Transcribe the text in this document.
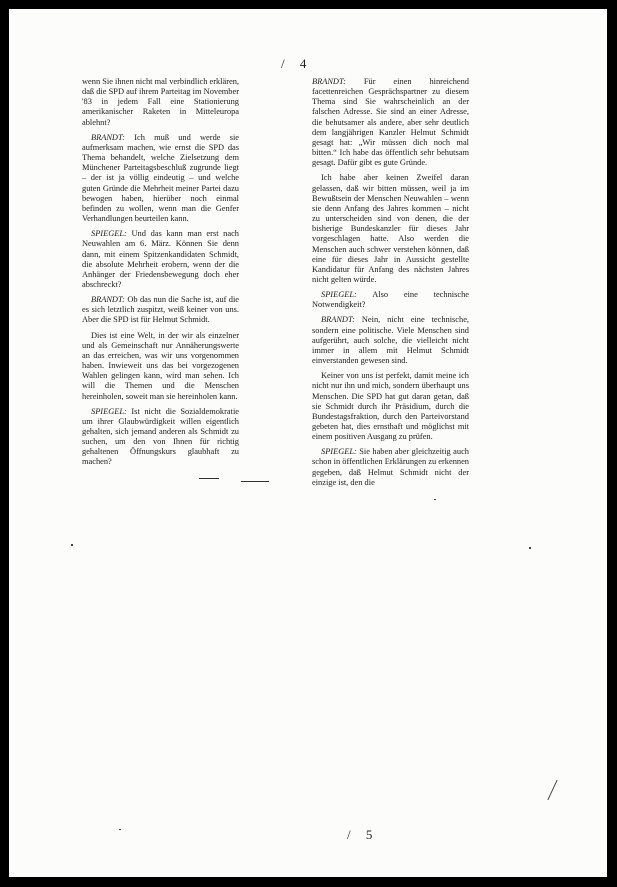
/ 4

wenn Sie ihnen nicht mal verbindlich erklären, daß die SPD auf ihrem Parteitag im November '83 in jedem Fall eine Stationierung amerikanischer Raketen in Mitteleuropa ablehnt?

BRANDT: Ich muß und werde sie aufmerksam machen, wie ernst die SPD das Thema behandelt, welche Zielsetzung dem Münchener Parteitagsbeschluß zugrunde liegt – der ist ja völlig eindeutig – und welche guten Gründe die Mehrheit meiner Partei dazu bewogen haben, hierüber noch einmal befinden zu wollen, wenn man die Genfer Verhandlungen beurteilen kann.

SPIEGEL: Und das kann man erst nach Neuwahlen am 6. März. Können Sie denn dann, mit einem Spitzenkandidaten Schmidt, die absolute Mehrheit erobern, wenn der die Anhänger der Friedensbewegung doch eher abschreckt?

BRANDT: Ob das nun die Sache ist, auf die es sich letztlich zuspitzt, weiß keiner von uns. Aber die SPD ist für Helmut Schmidt.

Dies ist eine Welt, in der wir als einzelner und als Gemeinschaft nur Annäherungswerte an das erreichen, was wir uns vorgenommen haben. Inwieweit uns das bei vorgezogenen Wahlen gelingen kann, wird man sehen. Ich will die Themen und die Menschen hereinholen, soweit man sie hereinholen kann.

SPIEGEL: Ist nicht die Sozialdemokratie um ihrer Glaubwürdigkeit willen eigentlich gehalten, sich jemand anderen als Schmidt zu suchen, um den von Ihnen für richtig gehaltenen Öffnungskurs glaubhaft zu machen?

BRANDT: Für einen hinreichend facettenreichen Gesprächspartner zu diesem Thema sind Sie wahrscheinlich an der falschen Adresse. Sie sind an einer Adresse, die behutsamer als andere, aber sehr deutlich dem langjährigen Kanzler Helmut Schmidt gesagt hat: „Wir müssen dich noch mal bitten.“ Ich habe das öffentlich sehr behutsam gesagt. Dafür gibt es gute Gründe.

Ich habe aber keinen Zweifel daran gelassen, daß wir bitten müssen, weil ja im Bewußtsein der Menschen Neuwahlen – wenn sie denn Anfang des Jahres kommen – nicht zu unterscheiden sind von denen, die der bisherige Bundeskanzler für dieses Jahr vorgeschlagen hatte. Also werden die Menschen auch schwer verstehen können, daß eine für dieses Jahr in Aussicht gestellte Kandidatur für Anfang des nächsten Jahres nicht gelten würde.

SPIEGEL: Also eine technische Notwendigkeit?

BRANDT: Nein, nicht eine technische, sondern eine politische. Viele Menschen sind aufgerührt, auch solche, die vielleicht nicht immer in allem mit Helmut Schmidt einverstanden gewesen sind.

Keiner von uns ist perfekt, damit meine ich nicht nur ihn und mich, sondern überhaupt uns Menschen. Die SPD hat gut daran getan, daß sie Schmidt durch ihr Präsidium, durch die Bundestagsfraktion, durch den Parteivorstand gebeten hat, dies ernsthaft und möglichst mit einem positiven Ausgang zu prüfen.

SPIEGEL: Sie haben aber gleichzeitig auch schon in öffentlichen Erklärungen zu erkennen gegeben, daß Helmut Schmidt nicht der einzige ist, den die

/ 5
